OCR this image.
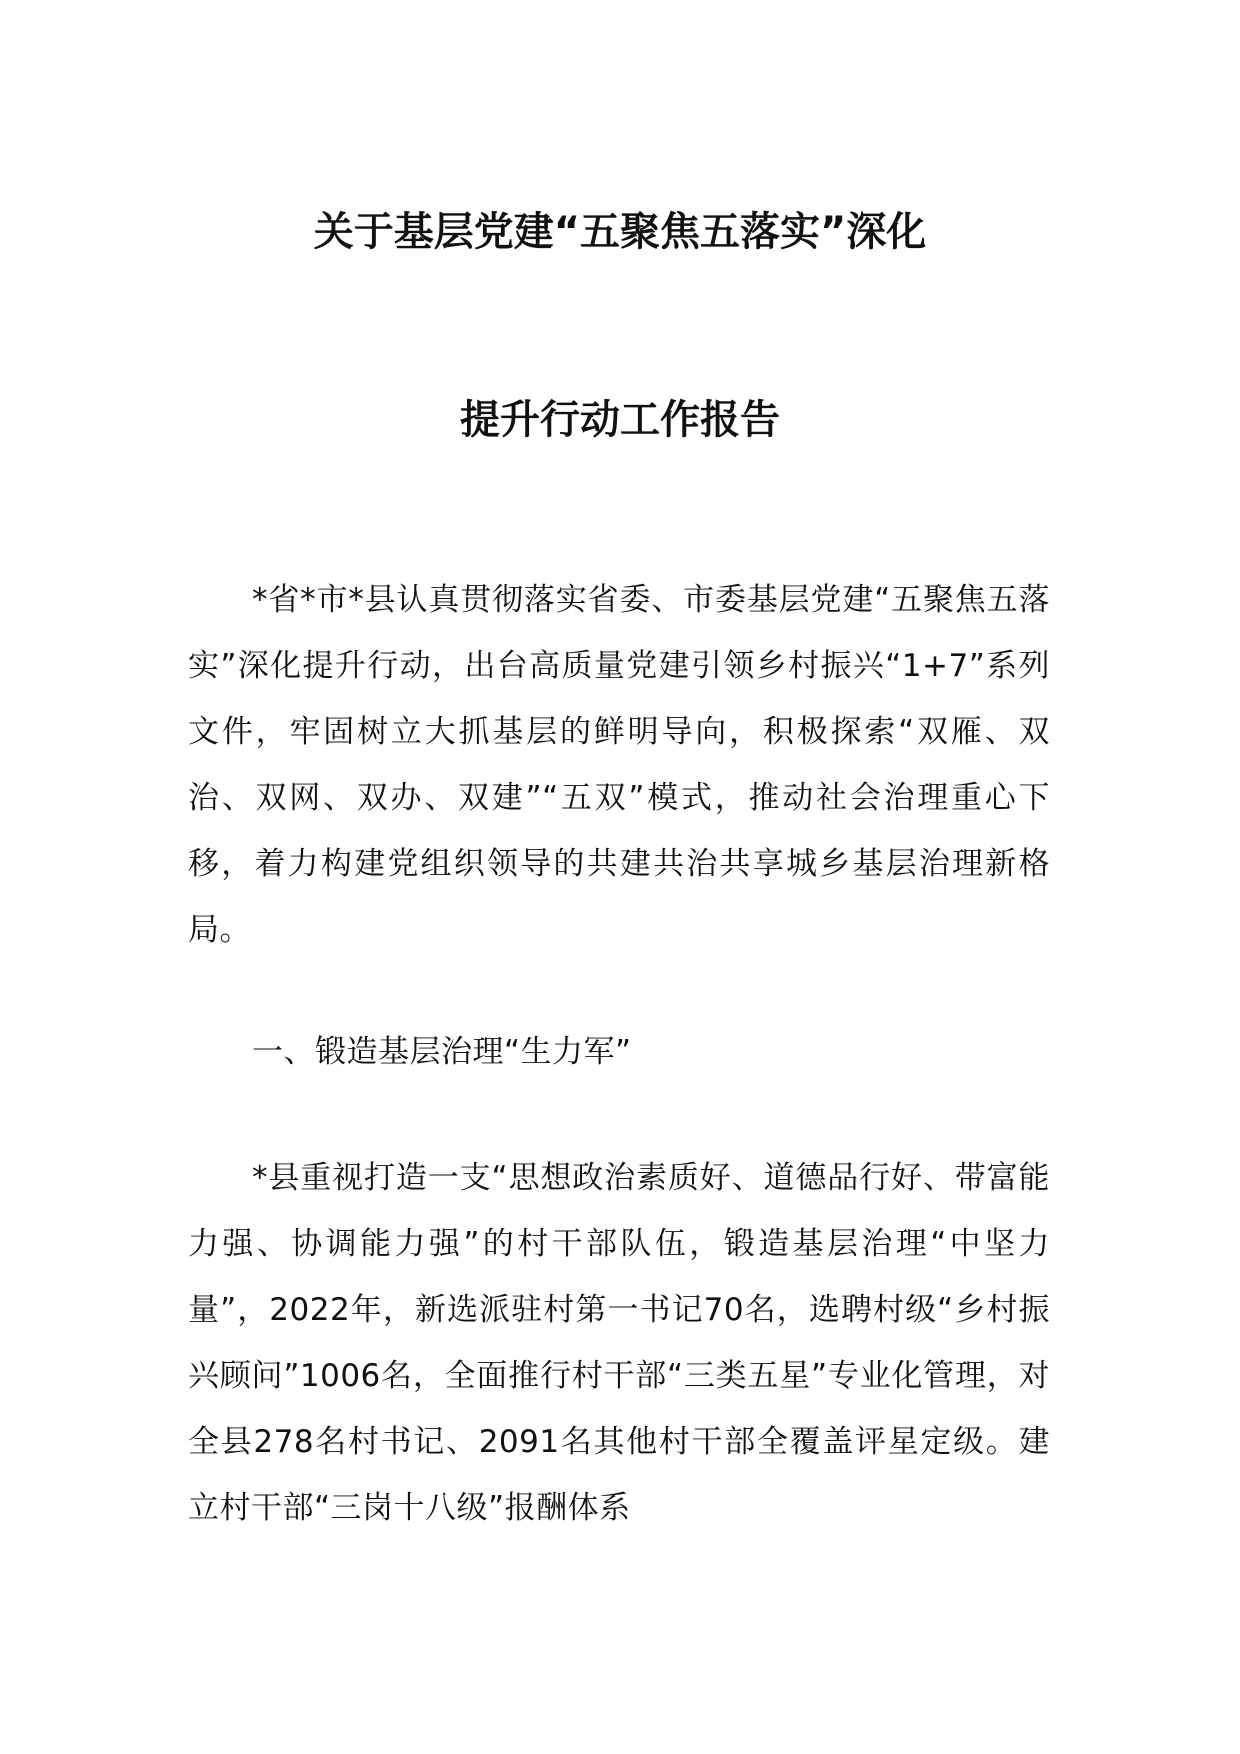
关于基层党建“五聚焦五落实”深化
提升行动工作报告
*省*市*县认真贯彻落实省委、市委基层党建“五聚焦五落实”深化提升行动，出台高质量党建引领乡村振兴“1+7”系列文件，牢固树立大抓基层的鲜明导向，积极探索“双雁、双治、双网、双办、双建”“五双”模式，推动社会治理重心下移，着力构建党组织领导的共建共治共享城乡基层治理新格局。
一、锻造基层治理“生力军”
*县重视打造一支“思想政治素质好、道德品行好、带富能力强、协调能力强”的村干部队伍，锻造基层治理“中坚力量”，2022年，新选派驻村第一书记70名，选聘村级“乡村振兴顾问”1006名，全面推行村干部“三类五星”专业化管理，对全县278名村书记、2091名其他村干部全覆盖评星定级。建立村干部“三岗十八级”报酬体系
